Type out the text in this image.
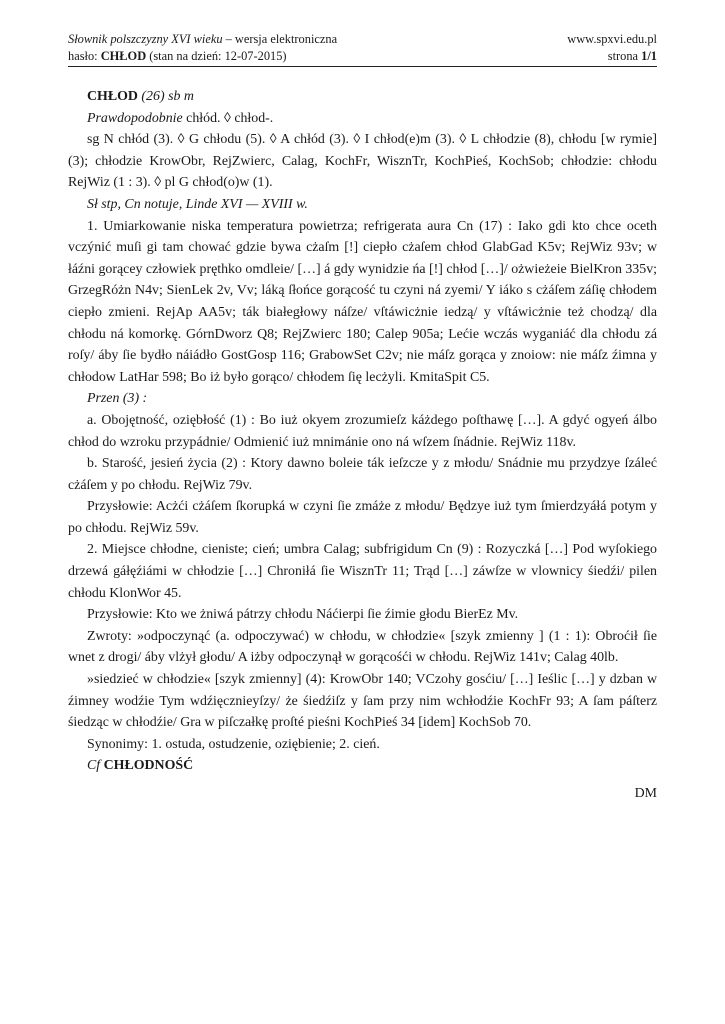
Słownik polszczyzny XVI wieku – wersja elektroniczna	www.spxvi.edu.pl
hasło: CHŁOD (stan na dzień: 12-07-2015)	strona 1/1

CHŁOD (26) sb m

Prawdopodobnie chłód. ◊ chłod-.

sg N chłód (3). ◊ G chłodu (5). ◊ A chłód (3). ◊ I chłod(e)m (3). ◊ L chłodzie (8), chłodu [w rymie] (3); chłodzie KrowObr, RejZwierc, Calag, KochFr, WisznTr, KochPieś, KochSob; chłodzie: chłodu RejWiz (1 : 3). ◊ pl G chłod(o)w (1).

Sł stp, Cn notuje, Linde XVI — XVIII w.

1. Umiarkowanie niska temperatura powietrza; refrigerata aura Cn (17) : Iako gdi kto chce oceth vczýnić muſi gi tam chować gdzie bywa cżaſm [!] ciepło cżaſem chłod GlabGad K5v; RejWiz 93v; w łáźni gorącey człowiek pręthko omdleie/ […] á gdy wynidzie ńa [!] chłod […]/ ożwieżeie BielKron 335v; GrzegRóżn N4v; SienLek 2v, Vv; láką ſłońce gorącość tu czyni ná zyemi/ Y iáko s cżáſem záſię chłodem ciepło zmieni. RejAp AA5v; ták białegłowy náſze/ vſtáwicżnie iedzą/ y vſtáwicżnie też chodzą/ dla chłodu ná komorkę. GórnDworz Q8; RejZwierc 180; Calep 905a; Lećie wczás wyganiáć dla chłodu zá roſy/ áby ſie bydło náiádło GostGosp 116; GrabowSet C2v; nie máſz gorąca y znoiow: nie máſz źimna y chłodow LatHar 598; Bo iż było gorąco/ chłodem ſię lecżyli. KmitaSpit C5.

Przen (3) :

a. Obojętność, oziębłość (1) : Bo iuż okyem zrozumieſz káżdego poſthawę […]. A gdyć ogyeń álbo chłod do wzroku przypádnie/ Odmienić iuż mnimánie ono ná wſzem ſnádnie. RejWiz 118v.

b. Starość, jesień życia (2) : Ktory dawno boleie ták ieſzcze y z młodu/ Snádnie mu przydzye ſzáleć cżáſem y po chłodu. RejWiz 79v.

Przysłowie: Acżći cżáſem ſkorupká w czyni ſie zmáże z młodu/ Będzye iuż tym ſmierdzyáłá potym y po chłodu. RejWiz 59v.

2. Miejsce chłodne, cieniste; cień; umbra Calag; subfrigidum Cn (9) : Rozyczká […] Pod wyſokiego drzewá gáłęźiámi w chłodzie […] Chroniłá ſie WisznTr 11; Trąd […] záwſze w vlownicy śiedźi/ pilen chłodu KlonWor 45.

Przysłowie: Kto we żniwá pátrzy chłodu Náćierpi ſie źimie głodu BierEz Mv.

Zwroty: »odpoczynąć (a. odpoczywać) w chłodu, w chłodzie« [szyk zmienny ] (1 : 1): Obrоćił ſie wnet z drogi/ áby vlżył głodu/ A iżby odpoczynął w gorącośći w chłodu. RejWiz 141v; Calag 40lb.

»siedzieć w chłodzie« [szyk zmienny] (4): KrowObr 140; VCzohy gosćiu/ […] Ieślic […] y dzban w źimney wodźie Tym wdźięcznieyſzy/ że śiedźiſz y ſam przy nim wchłodźie KochFr 93; A ſam páſterz śiedząc w chłodźie/ Gra w piſczałkę proſté pieśni KochPieś 34 [idem] KochSob 70.

Synonimy: 1. ostuda, ostudzenie, oziębienie; 2. cień.

Cf CHŁODNOŚĆ

DM
